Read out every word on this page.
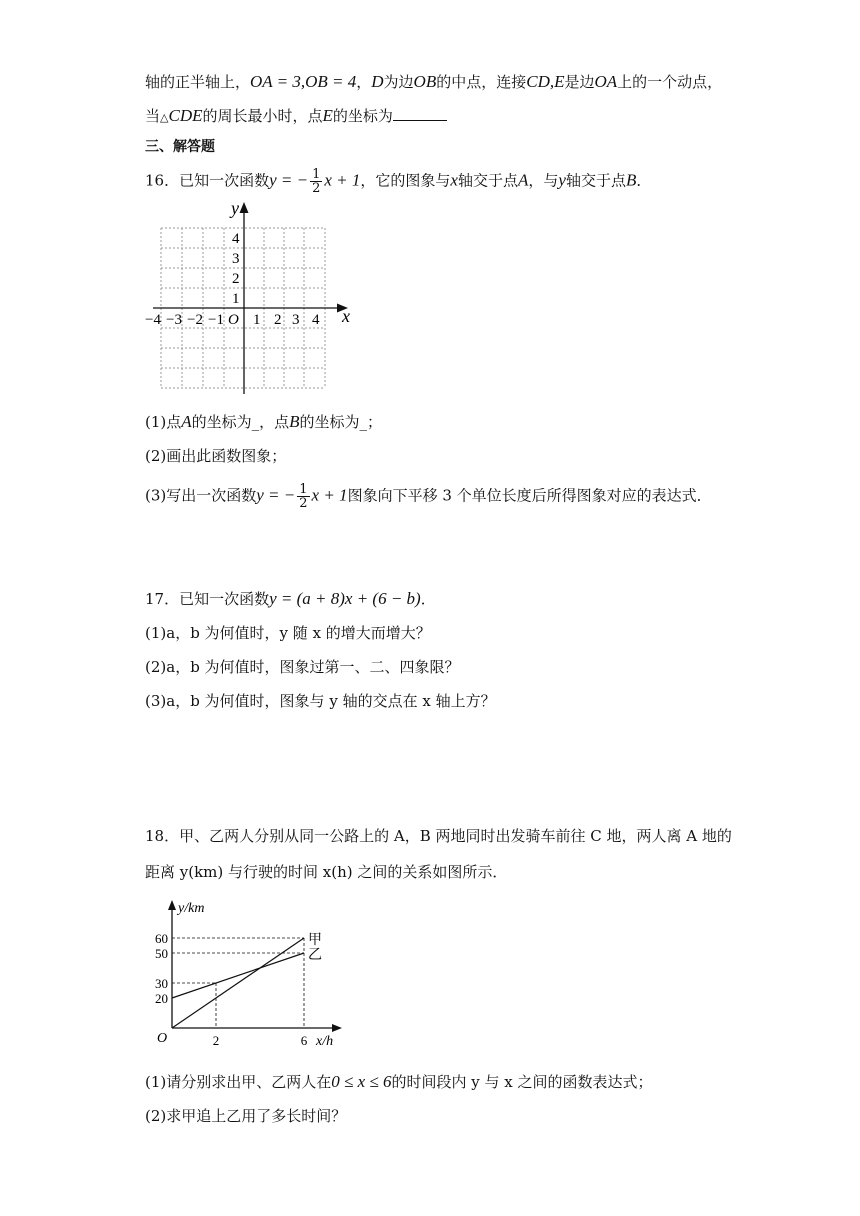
轴的正半轴上，OA = 3,OB = 4，D为边OB的中点，连接CD,E是边OA上的一个动点，
当△CDE的周长最小时，点E的坐标为
三、解答题
16．已知一次函数y = − $\frac{1}{2}$ x + 1，它的图象与x轴交于点A，与y轴交于点B．
y
x
O
−4 −3 −2 −1 1 2 3 4
4
3
2
1
(1)点A的坐标为_，点B的坐标为_；
(2)画出此函数图象；
(3)写出一次函数y = − $\frac{1}{2}$ x + 1图象向下平移 3 个单位长度后所得图象对应的表达式．
17．已知一次函数y = (a + 8)x + (6 − b)．
(1)a，b 为何值时，y 随 x 的增大而增大？
(2)a，b 为何值时，图象过第一、二、四象限？
(3)a，b 为何值时，图象与 y 轴的交点在 x 轴上方？
18．甲、乙两人分别从同一公路上的 A，B 两地同时出发骑车前往 C 地，两人离 A 地的
距离 y(km) 与行驶的时间 x(h) 之间的关系如图所示．
y/km
x/h
O
甲
乙
20
30
50
60
2	6
(1)请分别求出甲、乙两人在0 ≤ x ≤ 6的时间段内 y 与 x 之间的函数表达式；
(2)求甲追上乙用了多长时间？
